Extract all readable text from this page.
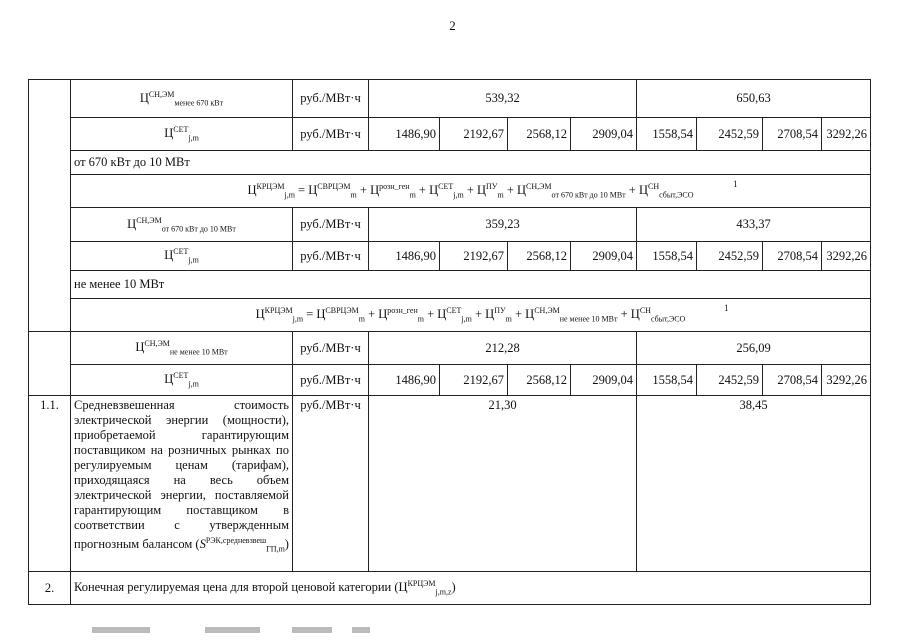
2
	$Ц^{СН,ЭМ}_{менее 670 кВт}$	руб./МВт·ч	539,32				650,63			
	$Ц^{СЕТ}_{j,m}$	руб./МВт·ч	1486,90	2192,67	2568,12	2909,04	1558,54	2452,59	2708,54	3292,26
	от 670 кВт до 10 МВт									
	$Ц^{КРЦЭМ}_{j,m} = Ц^{СВРЦЭМ}_m + Ц^{розн\_ген}_m + Ц^{СЕТ}_{j,m} + Ц^{ПУ}_m + Ц^{СН,ЭМ}_{от 670 кВт до 10 МВт} + Ц^{СН}_{сбыт,ЭСО}$
1									

	$Ц^{СН,ЭМ}_{от 670 кВт до 10 МВт}$	руб./МВт·ч	359,23				433,37			
	$Ц^{СЕТ}_{j,m}$	руб./МВт·ч	1486,90	2192,67	2568,12	2909,04	1558,54	2452,59	2708,54	3292,26
	не менее 10 МВт									
	$Ц^{КРЦЭМ}_{j,m} = Ц^{СВРЦЭМ}_m + Ц^{розн\_ген}_m + Ц^{СЕТ}_{j,m} + Ц^{ПУ}_m + Ц^{СН,ЭМ}_{не менее 10 МВт} + Ц^{СН}_{сбыт,ЭСО}$
1									

	$Ц^{СН,ЭМ}_{не менее 10 МВт}$	руб./МВт·ч	212,28				256,09			
	$Ц^{СЕТ}_{j,m}$	руб./МВт·ч	1486,90	2192,67	2568,12	2909,04	1558,54	2452,59	2708,54	3292,26
1.1.	Средневзвешенная стоимость электрической энергии (мощности), приобретаемой гарантирующим поставщиком на розничных рынках по регулируемым ценам (тарифам), приходящаяся на весь объем электрической энергии, поставляемой гарантирующим поставщиком в соответствии с утвержденным прогнозным балансом $(S^{РЭК,средневзвеш}_{ГП,m})$	руб./МВт·ч	21,30				38,45			
2.	Конечная регулируемая цена для второй ценовой категории $(Ц^{КРЦЭМ}_{j,m,z})$									
